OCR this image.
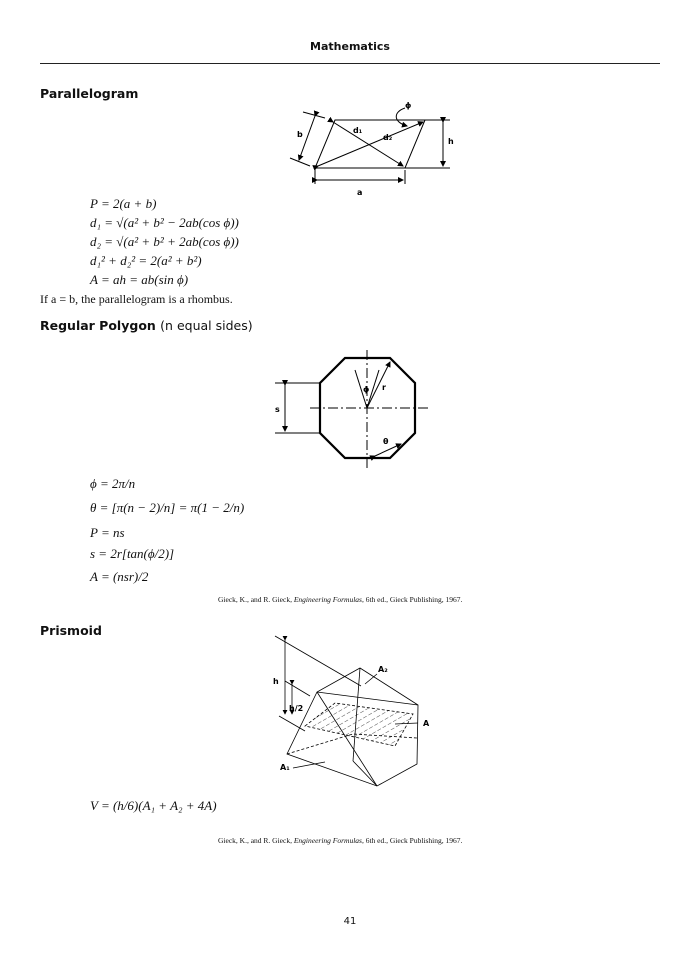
Mathematics
Parallelogram
b	d₁
d₂
ϕ
h
a
P = 2(a + b)
d₁ = √(a² + b² − 2ab(cos ϕ))
d₂ = √(a² + b² + 2ab(cos ϕ))
d₁² + d₂² = 2(a² + b²)
A = ah = ab(sin ϕ)
If a = b, the parallelogram is a rhombus.
Regular Polygon (n equal sides)
ϕ r
s
θ
ϕ = 2π/n
θ = [π(n − 2)/n] = π(1 − 2/n)
P = ns
s = 2r[tan(ϕ/2)]
A = (nsr)/2
Gieck, K., and R. Gieck, Engineering Formulas, 6th ed., Gieck Publishing, 1967.
Prismoid
h
h/2
A₂
A
A₁
V = (h/6)(A₁ + A₂ + 4A)
Gieck, K., and R. Gieck, Engineering Formulas, 6th ed., Gieck Publishing, 1967.
41
